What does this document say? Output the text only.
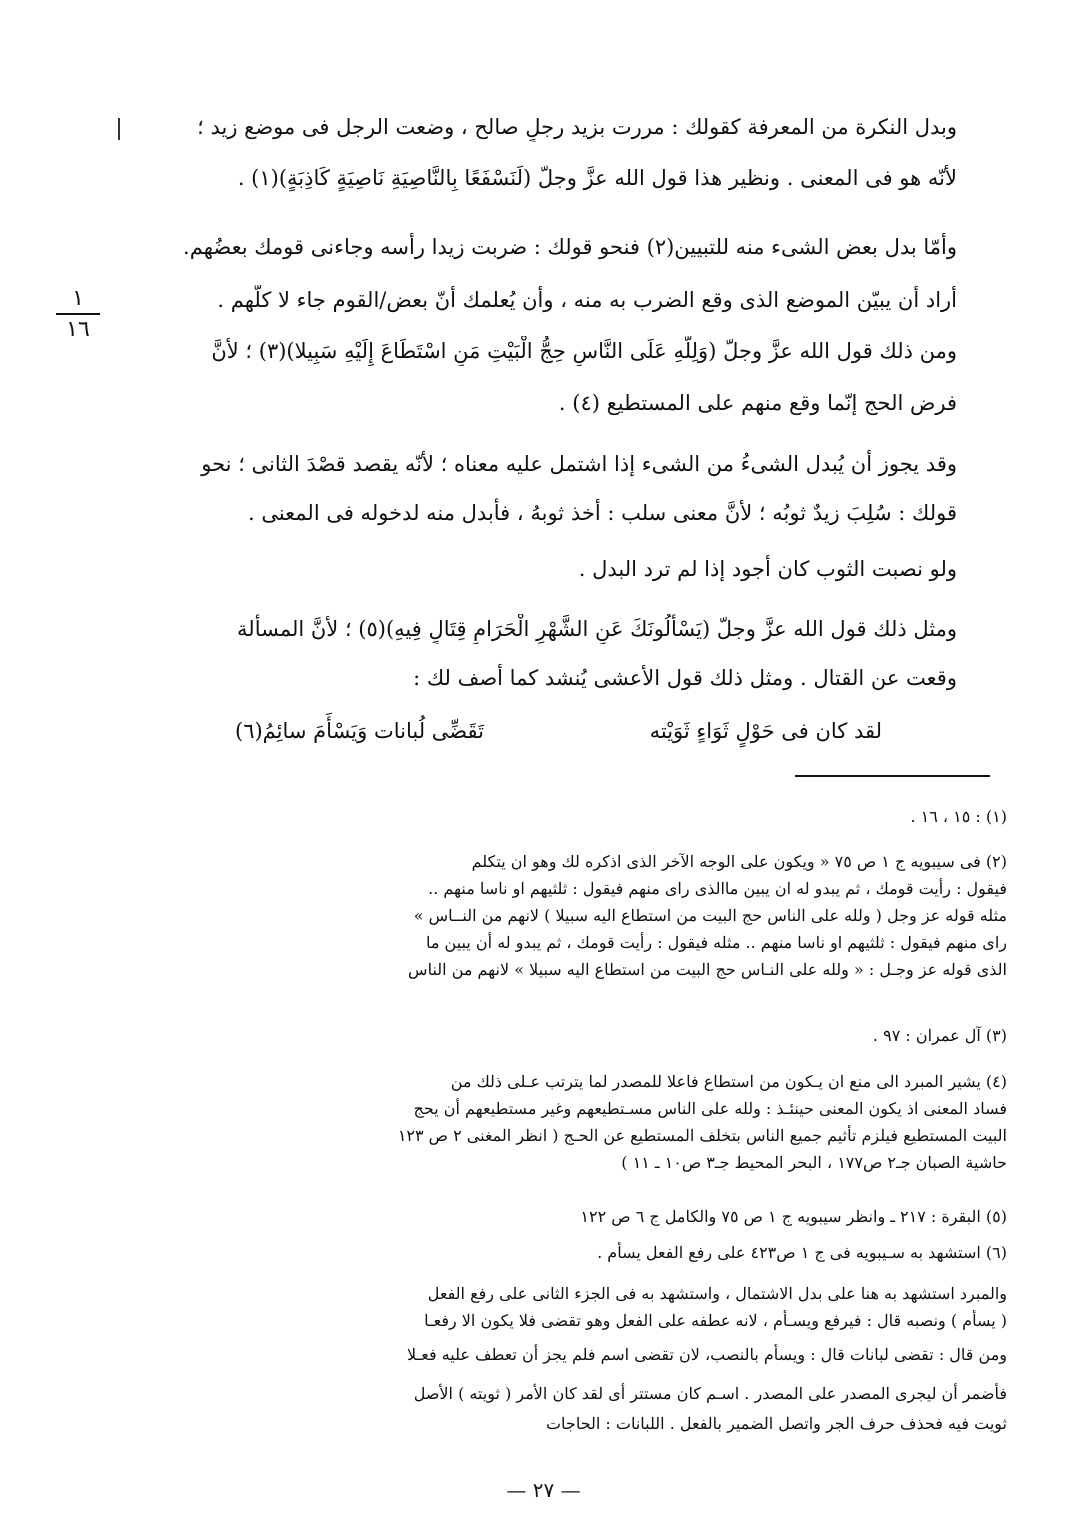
وبدل النكرة من المعرفة كقولك : مررت بزيد رجلٍ صالح ، وضعت الرجل فى موضع زيد ؛
لأنّه هو فى المعنى . ونظير هذا قول الله عزَّ وجلّ (لَنَسْفَعًا بِالنَّاصِيَةِ نَاصِيَةٍ كَاذِبَةٍ)(١) .
وأمّا بدل بعض الشىء منه للتبيين(٢) فنحو قولك : ضربت زيدا رأسه وجاءنى قومك بعضُهم.
أراد أن يبيّن الموضع الذى وقع الضرب به منه ، وأن يُعلمك أنّ بعض/القوم جاء لا كلّهم .
ومن ذلك قول الله عزَّ وجلّ (وَلِلَّهِ عَلَى النَّاسِ حِجُّ الْبَيْتِ مَنِ اسْتَطَاعَ إِلَيْهِ سَبِيلا)(٣) ؛ لأنَّ
فرض الحج إنّما وقع منهم على المستطيع (٤) .
وقد يجوز أن يُبدل الشىءُ من الشىء إذا اشتمل عليه معناه ؛ لأنّه يقصد قصْدَ الثانى ؛ نحو
قولك : سُلِبَ زيدٌ ثوبُه ؛ لأنَّ معنى سلب : أخذ ثوبهُ ، فأبدل منه لدخوله فى المعنى .
ولو نصبت الثوب كان أجود إذا لم ترد البدل .
ومثل ذلك قول الله عزَّ وجلّ (يَسْأَلُونَكَ عَنِ الشَّهْرِ الْحَرَامِ قِتَالٍ فِيهِ)(٥) ؛ لأنَّ المسألة
وقعت عن القتال . ومثل ذلك قول الأعشى يُنشد كما أصف لك :
١
١٦
لقد كان فى حَوْلٍ ثَوَاءٍ ثَوَيْته
تَقَضِّى لُبانات وَيَسْأَمَ سائِمُ(٦)
(١) : ١٥ ، ١٦ .
(٢) فى سيبويه ج ١ ص ٧٥ « ويكون على الوجه الآخر الذى اذكره لك وهو ان يتكلم
فيقول : رأيت قومك ، ثم يبدو له ان يبين ماالذى راى منهم فيقول : ثلثيهم او ناسا منهم ..
مثله قوله عز وجل ( ولله على الناس حج البيت من استطاع اليه سبيلا ) لانهم من النــاس »
راى منهم فيقول : ثلثيهم او ناسا منهم .. مثله فيقول : رأيت قومك ، ثم يبدو له أن يبين ما
الذى قوله عز وجـل : « ولله على النـاس حج البيت من استطاع اليه سبيلا » لانهم من الناس
(٣) آل عمران : ٩٧ .
(٤) يشير المبرد الى منع ان يـكون من استطاع فاعلا للمصدر لما يترتب عـلى ذلك من
فساد المعنى اذ يكون المعنى حينئـذ : ولله على الناس مسـتطيعهم وغير مستطيعهم أن يحج
البيت المستطيع فيلزم تأثيم جميع الناس بتخلف المستطيع عن الحـج ( انظر المغنى ٢ ص ١٢٣
حاشية الصبان جـ٢ ص١٧٧ ، البحر المحيط جـ٣ ص١٠ ـ ١١ )
(٥) البقرة : ٢١٧ ـ وانظر سيبويه ج ١ ص ٧٥ والكامل ج ٦ ص ١٢٢
(٦) استشهد به سـيبويه فى ج ١ ص٤٢٣ على رفع الفعل يسأم .
والمبرد استشهد به هنا على بدل الاشتمال ، واستشهد به فى الجزء الثانى على رفع الفعل
( يسأم ) ونصبه قال : فيرفع ويسـأم ، لانه عطفه على الفعل وهو تقضى فلا يكون الا رفعـا
ومن قال : تقضى لبانات قال : ويسأم بالنصب، لان تقضى اسم فلم يجز أن تعطف عليه فعـلا
فأضمر أن ليجرى المصدر على المصدر . اسـم كان مستتر أى لقد كان الأمر ( ثويته ) الأصل
ثويت فيه فحذف حرف الجر واتصل الضمير بالفعل . اللبانات : الحاجات
— ٢٧ —
